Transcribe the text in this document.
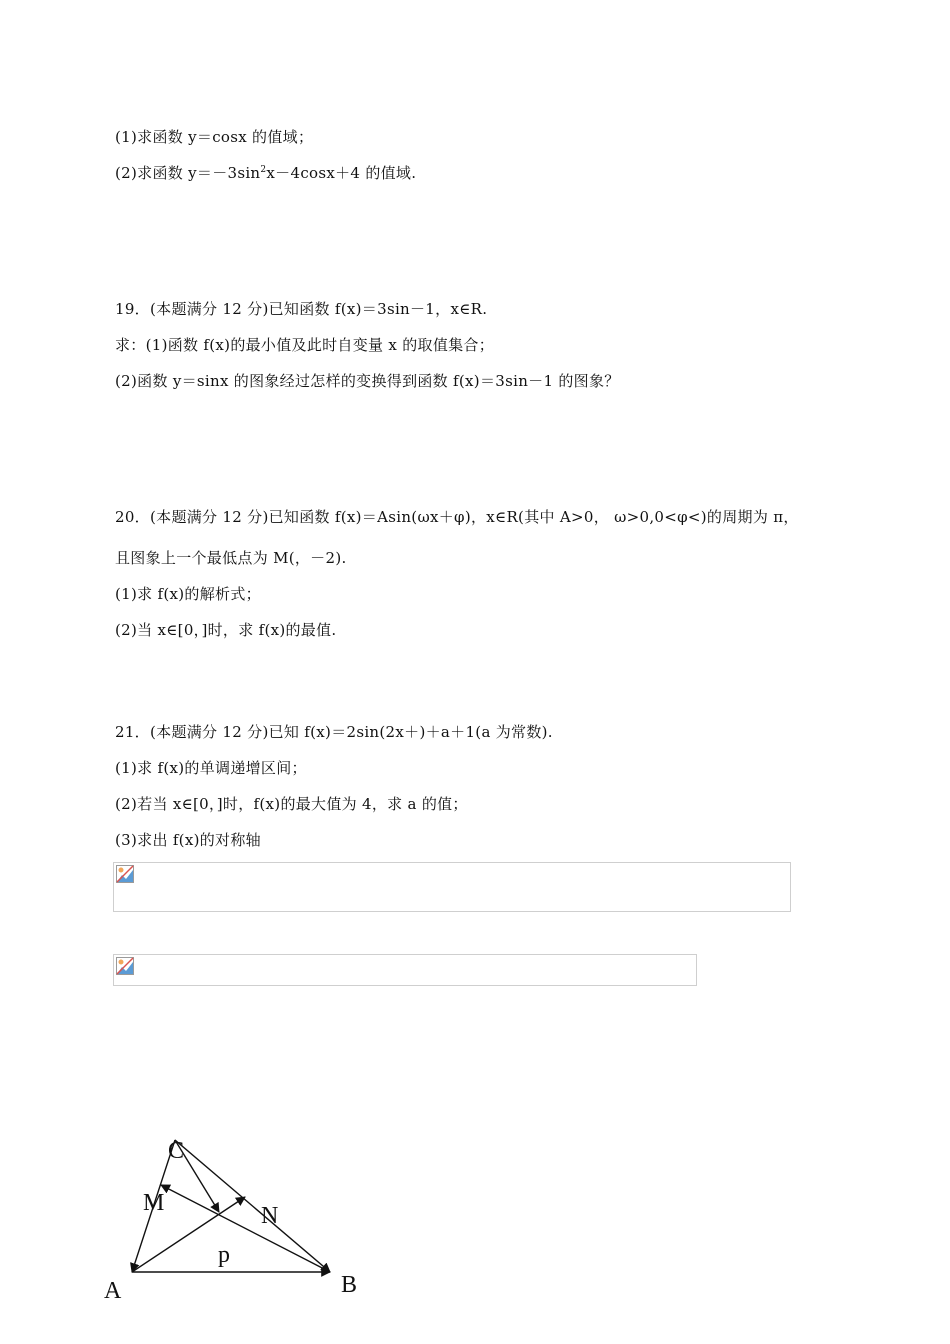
(1)求函数 y＝cosx 的值域；
(2)求函数 $y=-3\sin^2x-4\cos x+4$ 的值域.
19．(本题满分 12 分)已知函数 f(x)＝3sin－1，x∈R.
求：(1)函数 f(x)的最小值及此时自变量 x 的取值集合；
(2)函数 y＝sinx 的图象经过怎样的变换得到函数 f(x)＝3sin－1 的图象？
20．(本题满分 12 分)已知函数 f(x)＝Asin(ωx＋φ)，x∈R(其中 A>0， ω>0,0<φ<)的周期为 π，
且图象上一个最低点为 M(，－2).
(1)求 f(x)的解析式；
(2)当 x∈[0，]时，求 f(x)的最值.
21．(本题满分 12 分)已知 f(x)＝2sin(2x＋)＋a＋1(a 为常数).
(1)求 f(x)的单调递增区间；
(2)若当 x∈[0，]时，f(x)的最大值为 4，求 a 的值；
(3)求出 f(x)的对称轴
C
M	N
p
A	B
